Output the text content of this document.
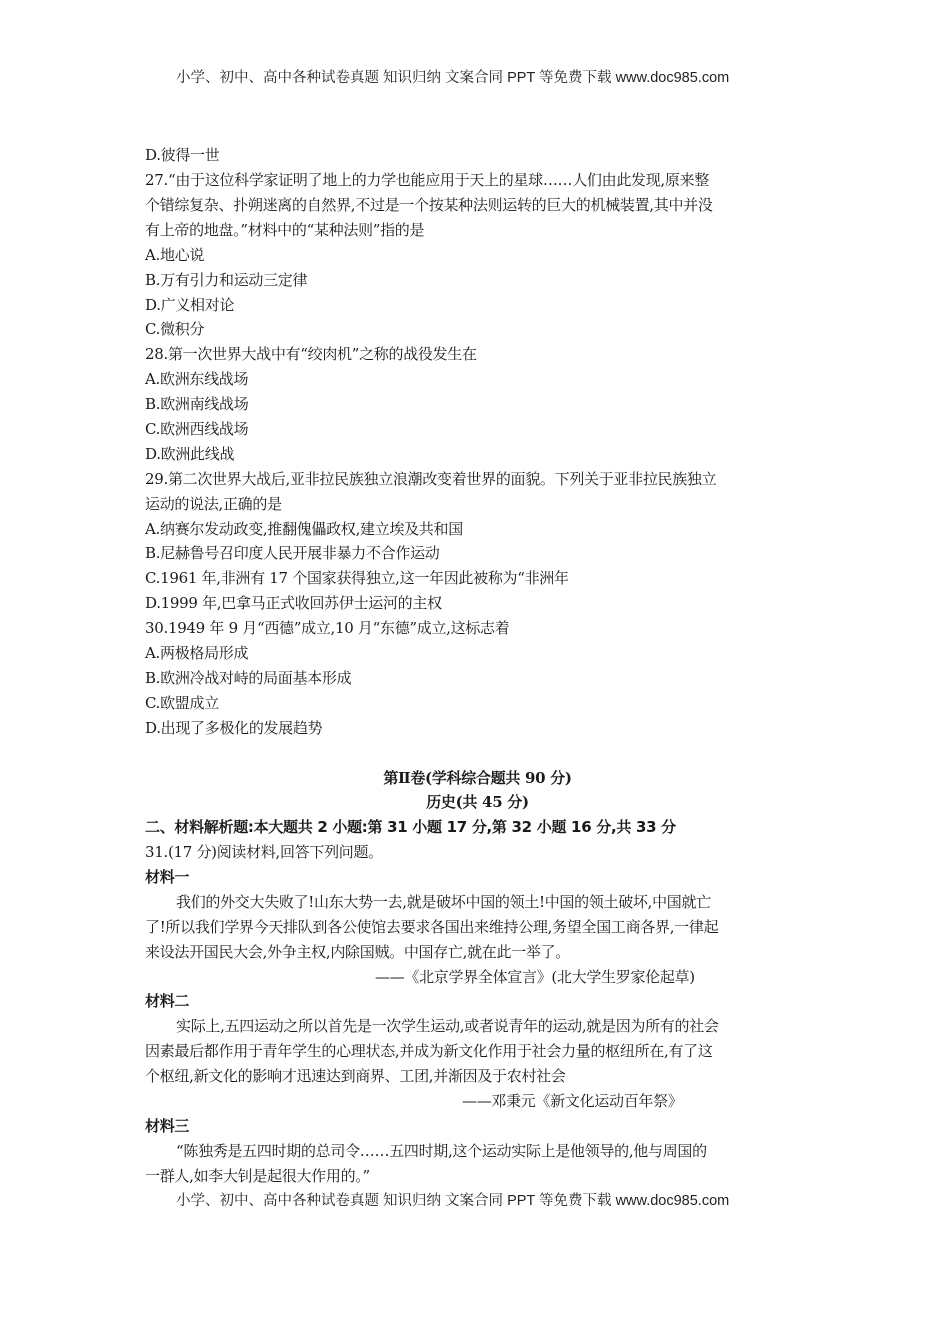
小学、初中、高中各种试卷真题 知识归纳 文案合同 PPT 等免费下载 www.doc985.com
D.彼得一世
27.“由于这位科学家证明了地上的力学也能应用于天上的星球……人们由此发现,原来整
个错综复杂、扑朔迷离的自然界,不过是一个按某种法则运转的巨大的机械装置,其中并没
有上帝的地盘。”材料中的“某种法则”指的是
A.地心说
B.万有引力和运动三定律
D.广义相对论
C.微积分
28.第一次世界大战中有“绞肉机”之称的战役发生在
A.欧洲东线战场
B.欧洲南线战场
C.欧洲西线战场
D.欧洲此线战
29.第二次世界大战后,亚非拉民族独立浪潮改变着世界的面貌。下列关于亚非拉民族独立
运动的说法,正确的是
A.纳赛尔发动政变,推翻傀儡政权,建立埃及共和国
B.尼赫鲁号召印度人民开展非暴力不合作运动
C.1961 年,非洲有 17 个国家获得独立,这一年因此被称为“非洲年
D.1999 年,巴拿马正式收回苏伊士运河的主权
30.1949 年 9 月“西德”成立,10 月“东德”成立,这标志着
A.两极格局形成
B.欧洲冷战对峙的局面基本形成
C.欧盟成立
D.出现了多极化的发展趋势
第Ⅱ卷(学科综合题共 90 分)
历史(共 45 分)
二、材料解析题:本大题共 2 小题:第 31 小题 17 分,第 32 小题 16 分,共 33 分
31.(17 分)阅读材料,回答下列问题。
材料一
我们的外交大失败了!山东大势一去,就是破坏中国的领土!中国的领土破坏,中国就亡
了!所以我们学界今天排队到各公使馆去要求各国出来维持公理,务望全国工商各界,一律起
来设法开国民大会,外争主权,内除国贼。中国存亡,就在此一举了。
——《北京学界全体宣言》(北大学生罗家伦起草)
材料二
实际上,五四运动之所以首先是一次学生运动,或者说青年的运动,就是因为所有的社会
因素最后都作用于青年学生的心理状态,并成为新文化作用于社会力量的枢纽所在,有了这
个枢纽,新文化的影响才迅速达到商界、工团,并渐因及于农村社会
——邓秉元《新文化运动百年祭》
材料三
“陈独秀是五四时期的总司令……五四时期,这个运动实际上是他领导的,他与周国的
一群人,如李大钊是起很大作用的。”
小学、初中、高中各种试卷真题 知识归纳 文案合同 PPT 等免费下载 www.doc985.com
